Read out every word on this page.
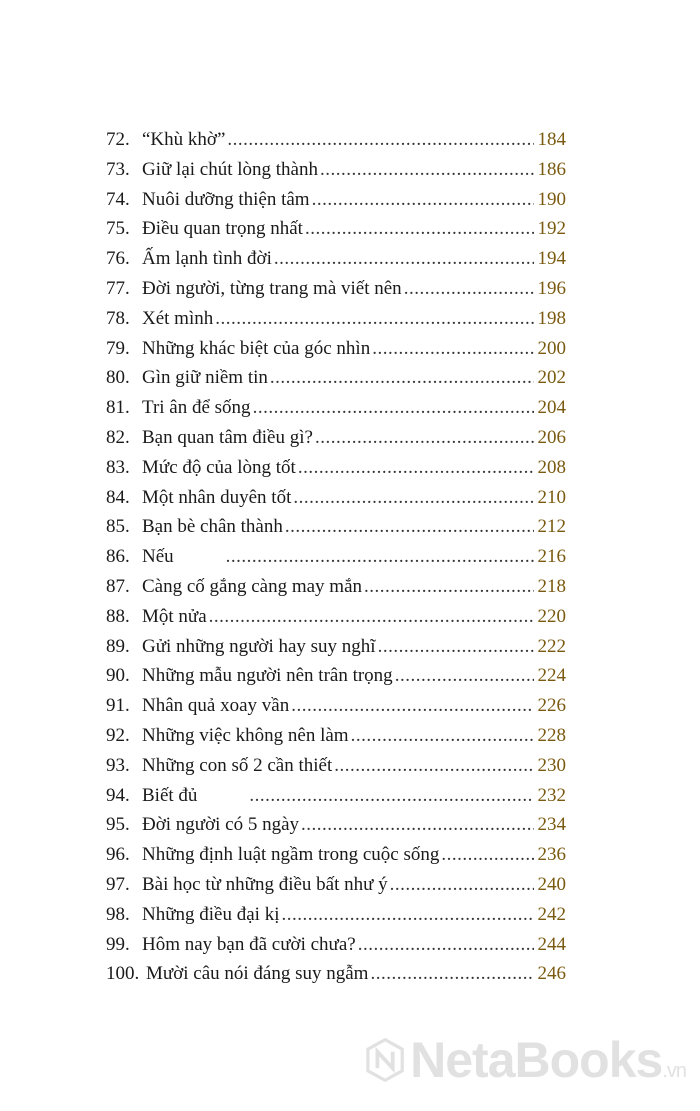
72. “Khù khờ” .....	184
73. Giữ lại chút lòng thành .....	186
74. Nuôi dưỡng thiện tâm .....	190
75. Điều quan trọng nhất .....	192
76. Ấm lạnh tình đời .....	194
77. Đời người, từng trang mà viết nên .....	196
78. Xét mình .....	198
79. Những khác biệt của góc nhìn .....	200
80. Gìn giữ niềm tin .....	202
81. Tri ân để sống .....	204
82. Bạn quan tâm điều gì? .....	206
83. Mức độ của lòng tốt .....	208
84. Một nhân duyên tốt .....	210
85. Bạn bè chân thành .....	212
86. Nếu .....	216
87. Càng cố gắng càng may mắn .....	218
88. Một nửa .....	220
89. Gửi những người hay suy nghĩ .....	222
90. Những mẫu người nên trân trọng .....	224
91. Nhân quả xoay vần .....	226
92. Những việc không nên làm .....	228
93. Những con số 2 cần thiết .....	230
94. Biết đủ .....	232
95. Đời người có 5 ngày .....	234
96. Những định luật ngầm trong cuộc sống .....	236
97. Bài học từ những điều bất như ý .....	240
98. Những điều đại kị .....	242
99. Hôm nay bạn đã cười chưa? .....	244
100. Mười câu nói đáng suy ngẫm .....	246
NetaBooks.vn
